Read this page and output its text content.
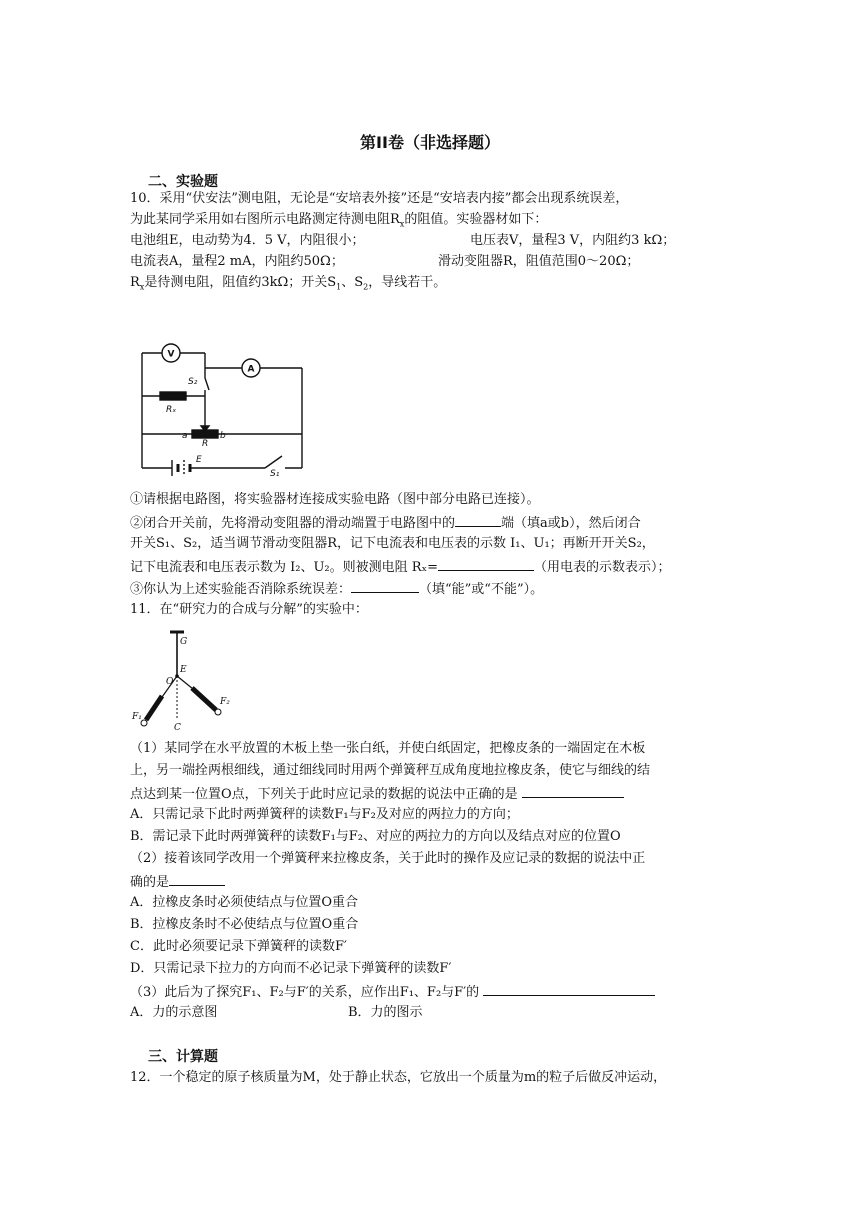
第II卷（非选择题）
二、实验题
10．采用“伏安法”测电阻，无论是“安培表外接”还是“安培表内接”都会出现系统误差，
为此某同学采用如右图所示电路测定待测电阻$R_x$的阻值。实验器材如下：
电池组E，电动势为4．5 V，内阻很小；	电压表V，量程3 V，内阻约3 kΩ；
电流表A，量程2 mA，内阻约50Ω；	滑动变阻器R，阻值范围0～20Ω；
$R_x$是待测电阻，阻值约3kΩ；开关$S_1$、$S_2$，导线若干。
V
A
S₂
Rₓ
R
a	b
E
S₁
①请根据电路图，将实验器材连接成实验电路（图中部分电路已连接）。
②闭合开关前，先将滑动变阻器的滑动端置于电路图中的	端（填a或b），然后闭合
开关S₁、S₂，适当调节滑动变阻器R，记下电流表和电压表的示数 I₁、U₁；再断开开关S₂，
记下电流表和电压表示数为 I₂、U₂。则被测电阻 Rₓ=	（用电表的示数表示）；
③你认为上述实验能否消除系统误差：	（填“能”或“不能”）。
11．在“研究力的合成与分解”的实验中：
G
E
O
C
F₁
F₂
（1）某同学在水平放置的木板上垫一张白纸，并使白纸固定，把橡皮条的一端固定在木板
上，另一端拴两根细线，通过细线同时用两个弹簧秤互成角度地拉橡皮条，使它与细线的结
点达到某一位置O点，下列关于此时应记录的数据的说法中正确的是
A．只需记录下此时两弹簧秤的读数F₁与F₂及对应的两拉力的方向；
B．需记录下此时两弹簧秤的读数F₁与F₂、对应的两拉力的方向以及结点对应的位置O
（2）接着该同学改用一个弹簧秤来拉橡皮条，关于此时的操作及应记录的数据的说法中正
确的是
A．拉橡皮条时必须使结点与位置O重合
B．拉橡皮条时不必使结点与位置O重合
C．此时必须要记录下弹簧秤的读数F′
D．只需记录下拉力的方向而不必记录下弹簧秤的读数F′
（3）此后为了探究F₁、F₂与F′的关系，应作出F₁、F₂与F′的
A．力的示意图	B．力的图示
三、计算题
12．一个稳定的原子核质量为M，处于静止状态，它放出一个质量为m的粒子后做反冲运动，
